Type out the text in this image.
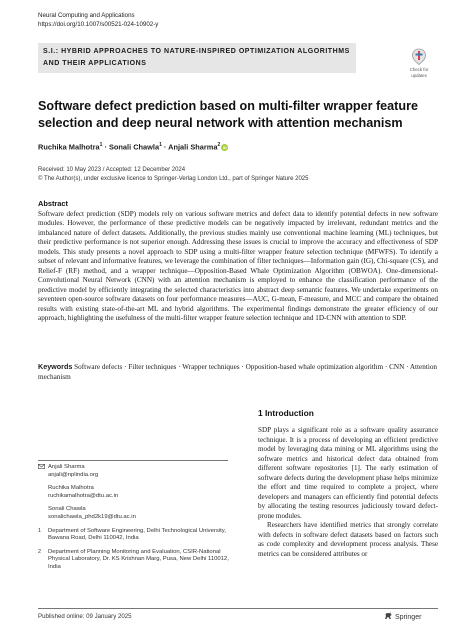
Neural Computing and Applications
https://doi.org/10.1007/s00521-024-10902-y
S.I.: HYBRID APPROACHES TO NATURE-INSPIRED OPTIMIZATION ALGORITHMS
AND THEIR APPLICATIONS
Check for
updates
Software defect prediction based on multi-filter wrapper feature selection and deep neural network with attention mechanism
Ruchika Malhotra$^1$ · Sonali Chawla$^1$ · Anjali Sharma$^2$ iD
Received: 10 May 2023 / Accepted: 12 December 2024
© The Author(s), under exclusive licence to Springer-Verlag London Ltd., part of Springer Nature 2025
Abstract
Software defect prediction (SDP) models rely on various software metrics and defect data to identify potential defects in new software modules. However, the performance of these predictive models can be negatively impacted by irrelevant, redundant metrics and the imbalanced nature of defect datasets. Additionally, the previous studies mainly use conventional machine learning (ML) techniques, but their predictive performance is not superior enough. Addressing these issues is crucial to improve the accuracy and effectiveness of SDP models. This study presents a novel approach to SDP using a multi-filter wrapper feature selection technique (MFWFS). To identify a subset of relevant and informative features, we leverage the combination of filter techniques—Information gain (IG), Chi-square (CS), and Relief-F (RF) method, and a wrapper technique—Opposition-Based Whale Optimization Algorithm (OBWOA). One-dimensional-Convolutional Neural Network (CNN) with an attention mechanism is employed to enhance the classification performance of the predictive model by efficiently integrating the selected characteristics into abstract deep semantic features. We undertake experiments on seventeen open-source software datasets on four performance measures—AUC, G-mean, F-measure, and MCC and compare the obtained results with existing state-of-the-art ML and hybrid algorithms. The experimental findings demonstrate the greater efficiency of our approach, highlighting the usefulness of the multi-filter wrapper feature selection technique and 1D-CNN with attention to SDP.
Keywords Software defects · Filter techniques · Wrapper techniques · Opposition-based whale optimization algorithm · CNN · Attention mechanism
1 Introduction

SDP plays a significant role as a software quality assurance technique. It is a process of developing an efficient predictive model by leveraging data mining or ML algorithms using the software metrics and historical defect data obtained from different software repositories [1]. The early estimation of software defects during the development phase helps minimize the effort and time required to complete a project, where developers and managers can efficiently find potential defects by allocating the testing resources judiciously toward defect-prone modules.

Researchers have identified metrics that strongly correlate with defects in software defect datasets based on factors such as code complexity and development process analysis. These metrics can be considered attributes or

Anjali Sharma
anjali@nplindia.org
Ruchika Malhotra
ruchikamalhotra@dtu.ac.in
Sonali Chawla
sonalichawla_phd2k19@dtu.ac.in
1 Department of Software Engineering, Delhi Technological University, Bawana Road, Delhi 110042, India
2 Department of Planning Monitoring and Evaluation, CSIR-National Physical Laboratory, Dr. KS Krishnan Marg, Pusa, New Delhi 110012, India
Published online: 09 January 2025	Springer
